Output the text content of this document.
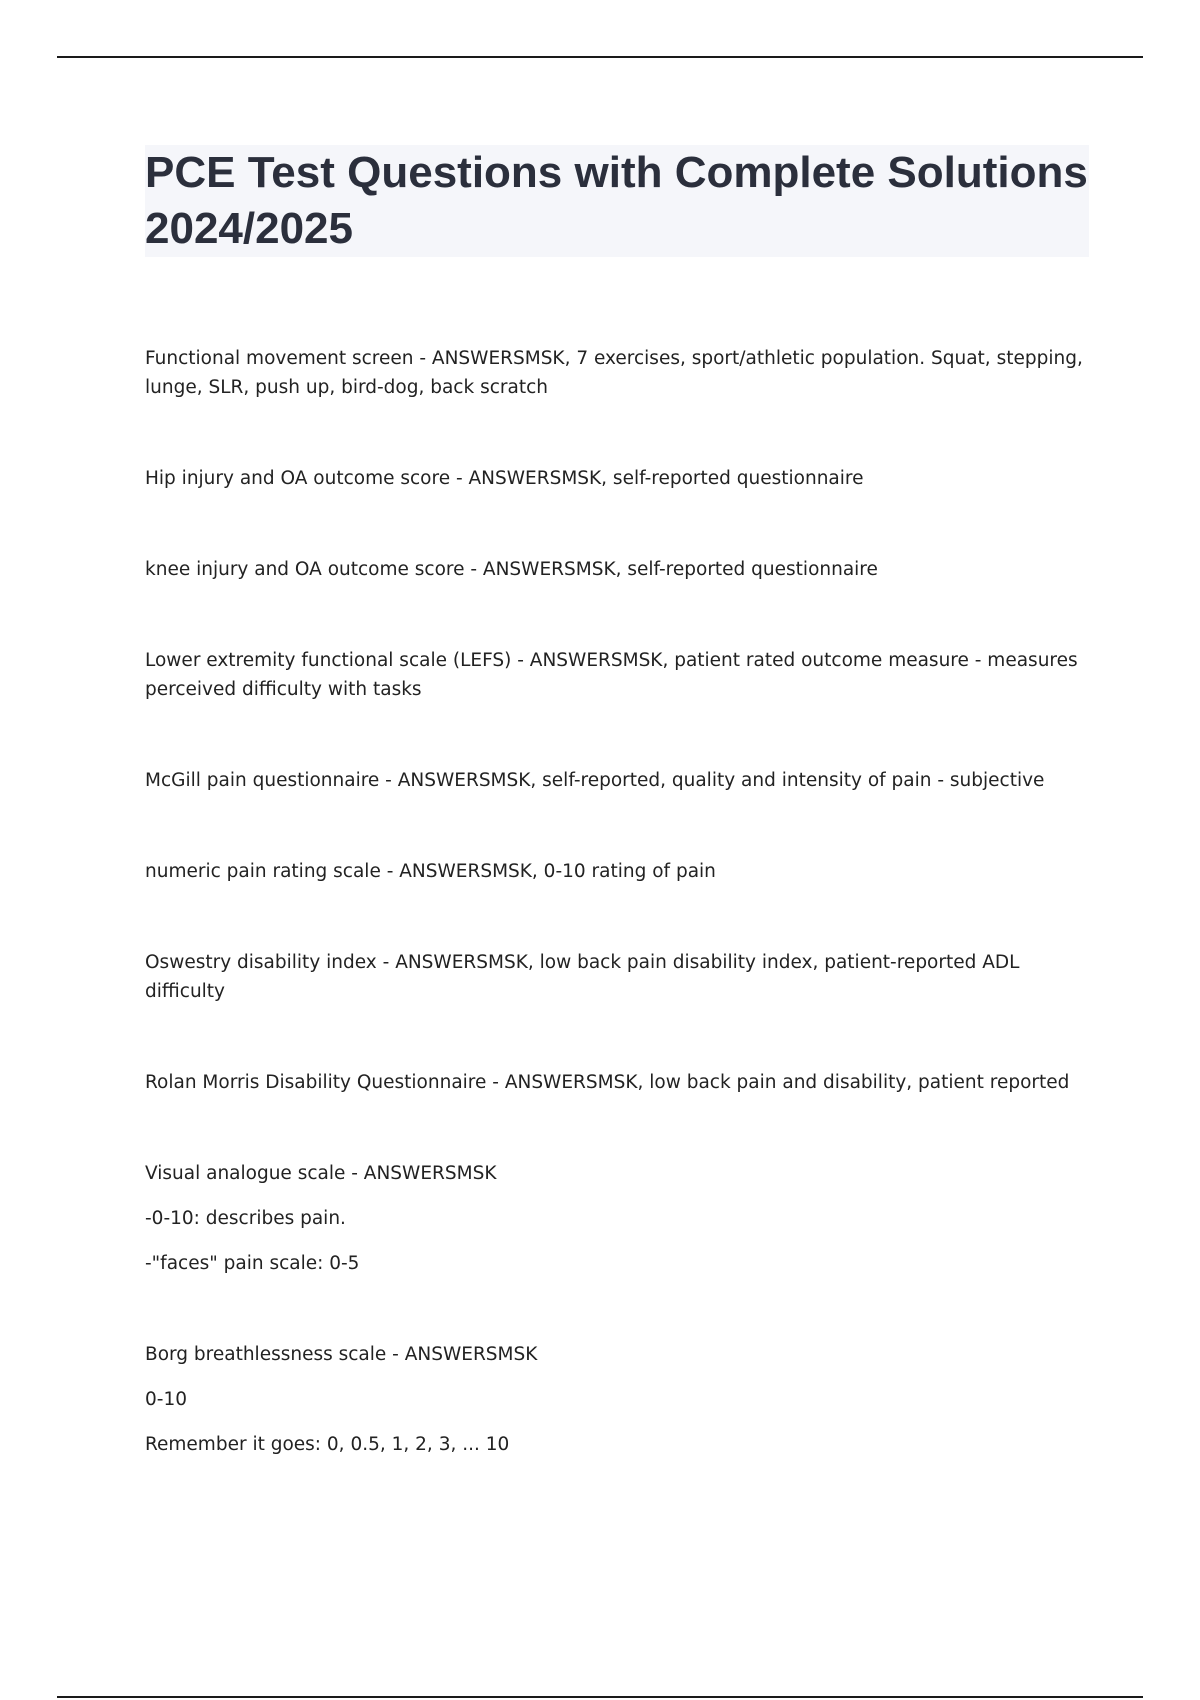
PCE Test Questions with Complete Solutions 2024/2025

Functional movement screen - ANSWERSMSK, 7 exercises, sport/athletic population. Squat, stepping, lunge, SLR, push up, bird-dog, back scratch

Hip injury and OA outcome score - ANSWERSMSK, self-reported questionnaire

knee injury and OA outcome score - ANSWERSMSK, self-reported questionnaire

Lower extremity functional scale (LEFS) - ANSWERSMSK, patient rated outcome measure - measures perceived difficulty with tasks

McGill pain questionnaire - ANSWERSMSK, self-reported, quality and intensity of pain - subjective

numeric pain rating scale - ANSWERSMSK, 0-10 rating of pain

Oswestry disability index - ANSWERSMSK, low back pain disability index, patient-reported ADL difficulty

Rolan Morris Disability Questionnaire - ANSWERSMSK, low back pain and disability, patient reported

Visual analogue scale - ANSWERSMSK

-0-10: describes pain.

-"faces" pain scale: 0-5

Borg breathlessness scale - ANSWERSMSK

0-10

Remember it goes: 0, 0.5, 1, 2, 3, ... 10
